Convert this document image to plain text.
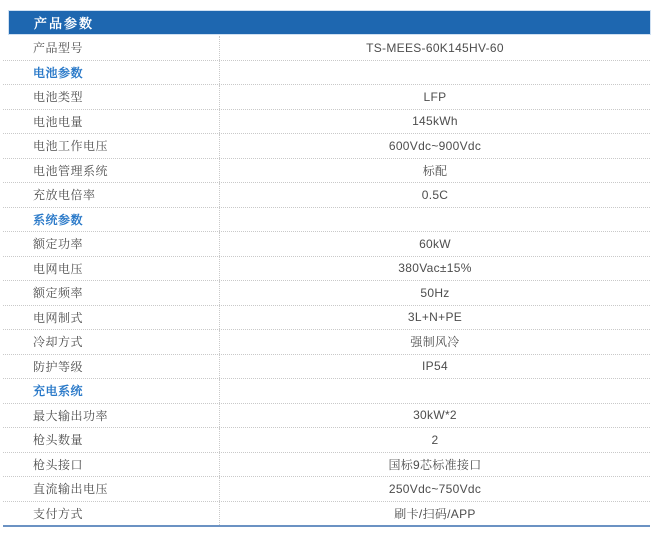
产品参数
产品型号	TS-MEES-60K145HV-60
电池参数
电池类型	LFP
电池电量	145kWh
电池工作电压	600Vdc~900Vdc
电池管理系统	标配
充放电倍率	0.5C
系统参数
额定功率	60kW
电网电压	380Vac±15%
额定频率	50Hz
电网制式	3L+N+PE
冷却方式	强制风冷
防护等级	IP54
充电系统
最大输出功率	30kW*2
枪头数量	2
枪头接口	国标9芯标准接口
直流输出电压	250Vdc~750Vdc
支付方式	刷卡/扫码/APP
